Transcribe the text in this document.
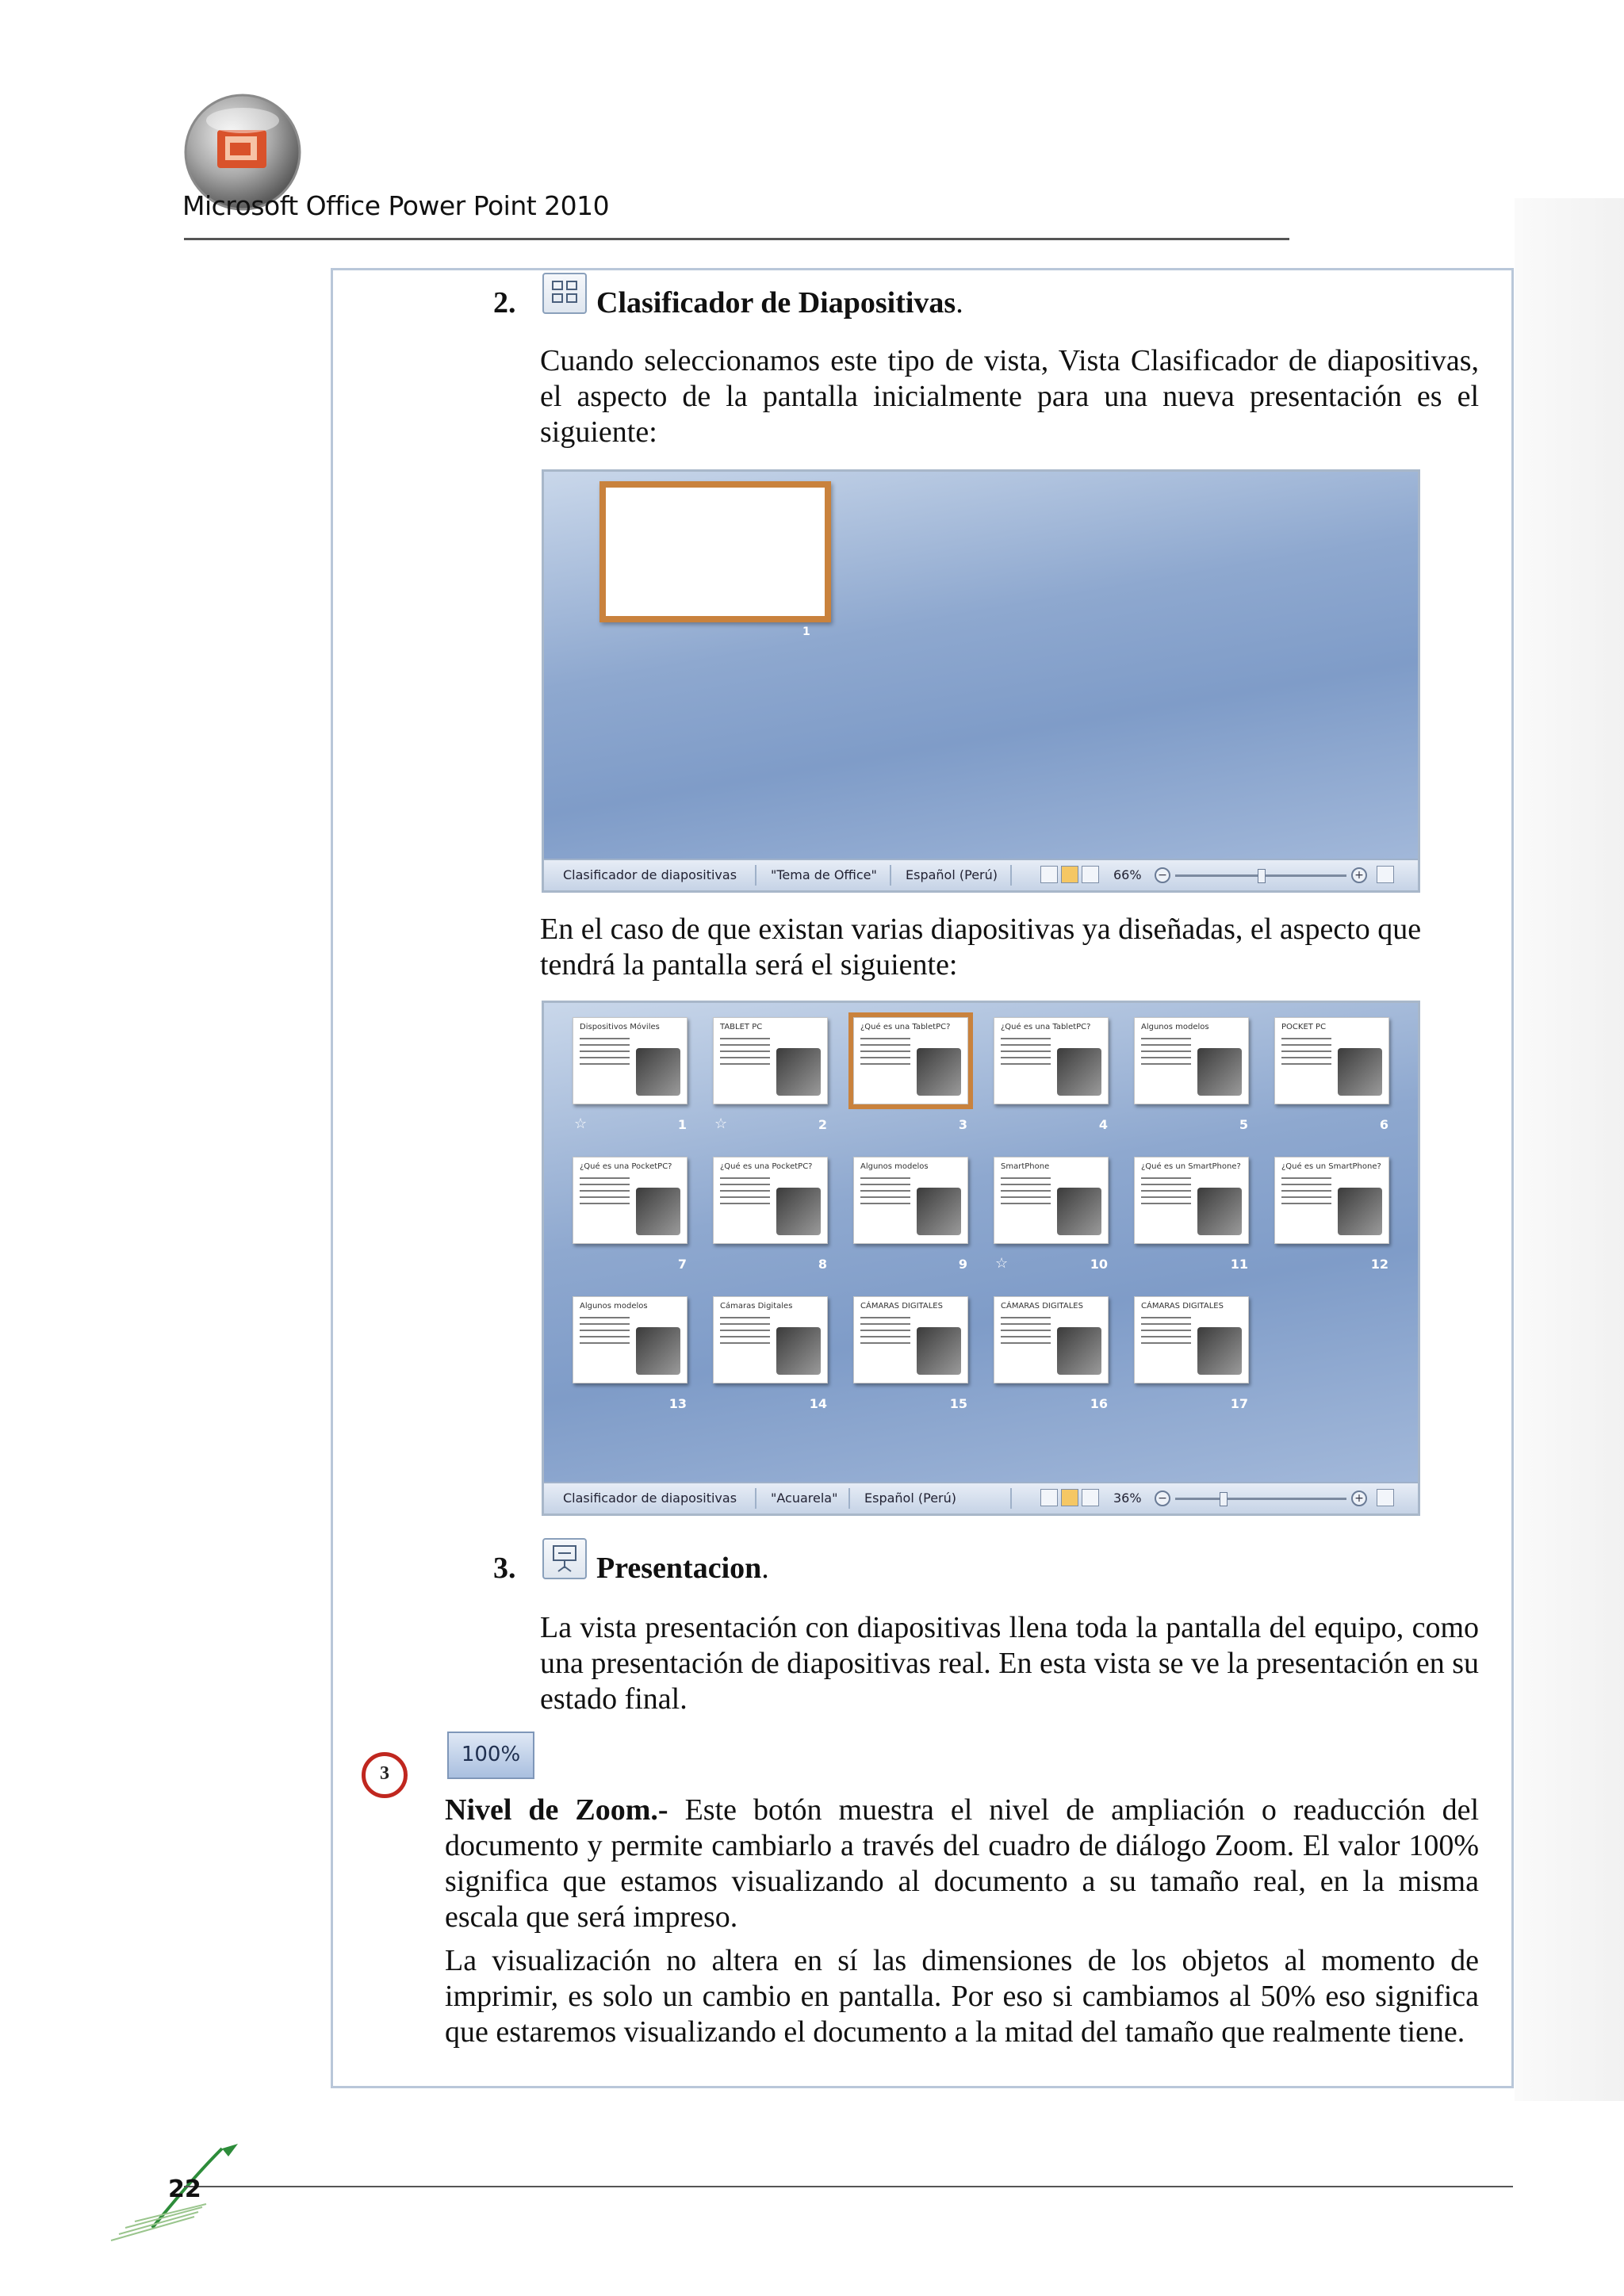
Microsoft Office Power Point 2010
2.	Clasificador de Diapositivas.
Cuando seleccionamos este tipo de vista, Vista Clasificador de diapositivas, el aspecto de la pantalla inicialmente para una nueva presentación es el siguiente:
1
Clasificador de diapositivas	"Tema de Office" Español (Perú)	66% −	+
En el caso de que existan varias diapositivas ya diseñadas, el aspecto que tendrá la pantalla será el siguiente:
Clasificador de diapositivas	"Acuarela" Español (Perú)	36% −	+
Dispositivos Móviles
1
☆
TABLET PC
2
☆
¿Qué es una TabletPC?
3
¿Qué es una TabletPC?
4
Algunos modelos
5
POCKET PC
6
¿Qué es una PocketPC?
7
¿Qué es una PocketPC?
8
Algunos modelos
9
SmartPhone
10
☆
¿Qué es un SmartPhone?
11
¿Qué es un SmartPhone?
12
Algunos modelos
13
Cámaras Digitales
14
CÁMARAS DIGITALES
15
CÁMARAS DIGITALES
16
CÁMARAS DIGITALES
17
3.	Presentacion.
La vista presentación con diapositivas llena toda la pantalla del equipo, como una presentación de diapositivas real. En esta vista se ve la presentación en su estado final.
3
100%
Nivel de Zoom.- Este botón muestra el nivel de ampliación o readucción del documento y permite cambiarlo a través del cuadro de diálogo Zoom. El valor 100% significa que estamos visualizando al documento a su tamaño real, en la misma escala que será impreso.
La visualización no altera en sí las dimensiones de los objetos al momento de imprimir, es solo un cambio en pantalla. Por eso si cambiamos al 50% eso significa que estaremos visualizando el documento a la mitad del tamaño que realmente tiene.
22
